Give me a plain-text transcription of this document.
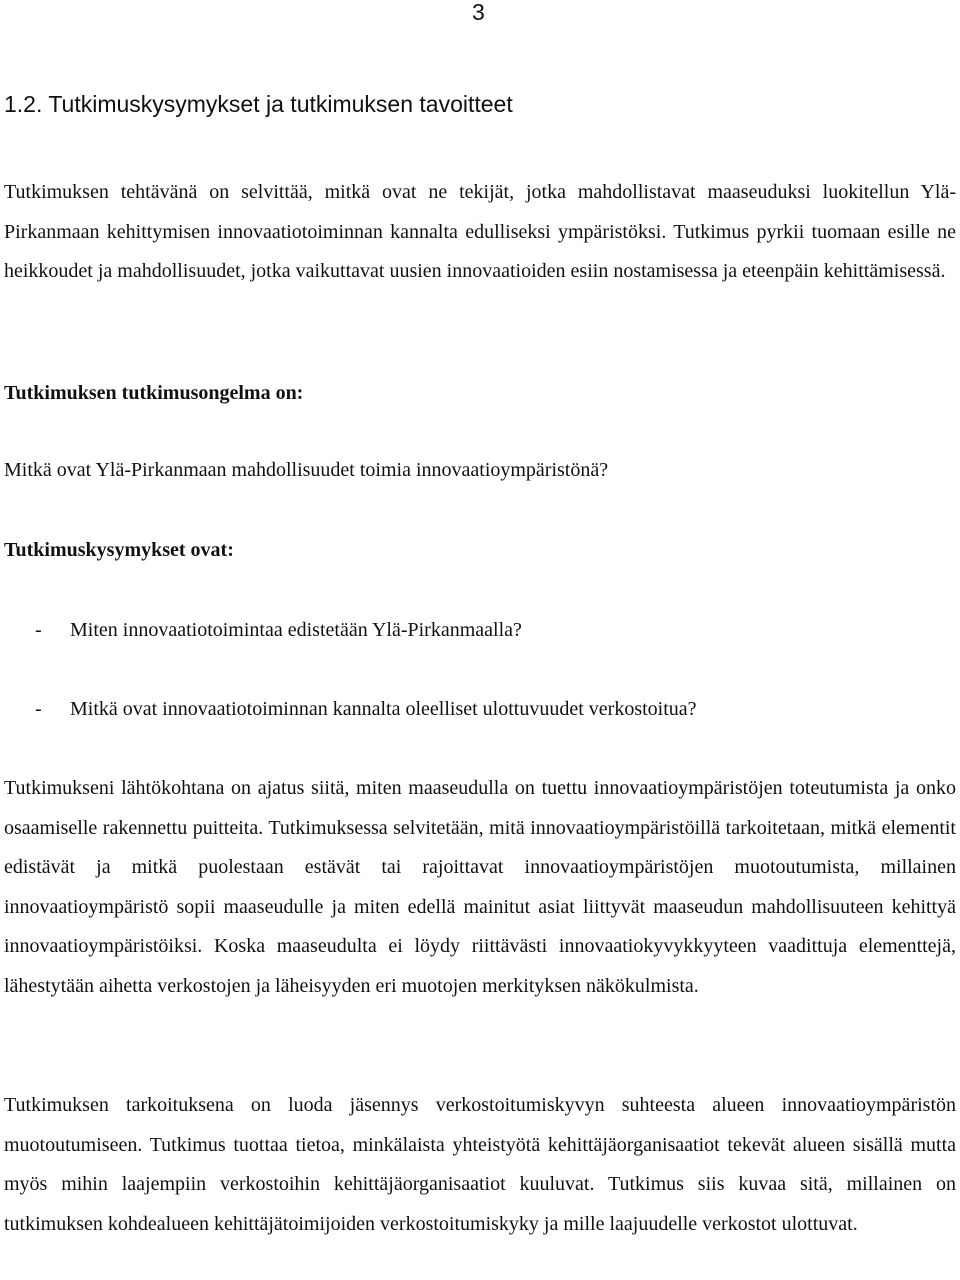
3
1.2. Tutkimuskysymykset ja tutkimuksen tavoitteet

Tutkimuksen tehtävänä on selvittää, mitkä ovat ne tekijät, jotka mahdollistavat maaseuduksi luokitellun Ylä-Pirkanmaan kehittymisen innovaatiotoiminnan kannalta edulliseksi ympäristöksi. Tutkimus pyrkii tuomaan esille ne heikkoudet ja mahdollisuudet, jotka vaikuttavat uusien innovaatioiden esiin nostamisessa ja eteenpäin kehittämisessä.

Tutkimuksen tutkimusongelma on:

Mitkä ovat Ylä-Pirkanmaan mahdollisuudet toimia innovaatioympäristönä?

Tutkimuskysymykset ovat:

- Miten innovaatiotoimintaa edistetään Ylä-Pirkanmaalla?

- Mitkä ovat innovaatiotoiminnan kannalta oleelliset ulottuvuudet verkostoitua?

Tutkimukseni lähtökohtana on ajatus siitä, miten maaseudulla on tuettu innovaatioympäristöjen toteutumista ja onko osaamiselle rakennettu puitteita. Tutkimuksessa selvitetään, mitä innovaatioympäristöillä tarkoitetaan, mitkä elementit edistävät ja mitkä puolestaan estävät tai rajoittavat innovaatioympäristöjen muotoutumista, millainen innovaatioympäristö sopii maaseudulle ja miten edellä mainitut asiat liittyvät maaseudun mahdollisuuteen kehittyä innovaatioympäristöiksi. Koska maaseudulta ei löydy riittävästi innovaatiokyvykkyyteen vaadittuja elementtejä, lähestytään aihetta verkostojen ja läheisyyden eri muotojen merkityksen näkökulmista.

Tutkimuksen tarkoituksena on luoda jäsennys verkostoitumiskyvyn suhteesta alueen innovaatioympäristön muotoutumiseen. Tutkimus tuottaa tietoa, minkälaista yhteistyötä kehittäjäorganisaatiot tekevät alueen sisällä mutta myös mihin laajempiin verkostoihin kehittäjäorganisaatiot kuuluvat. Tutkimus siis kuvaa sitä, millainen on tutkimuksen kohdealueen kehittäjätoimijoiden verkostoitumiskyky ja mille laajuudelle verkostot ulottuvat.
